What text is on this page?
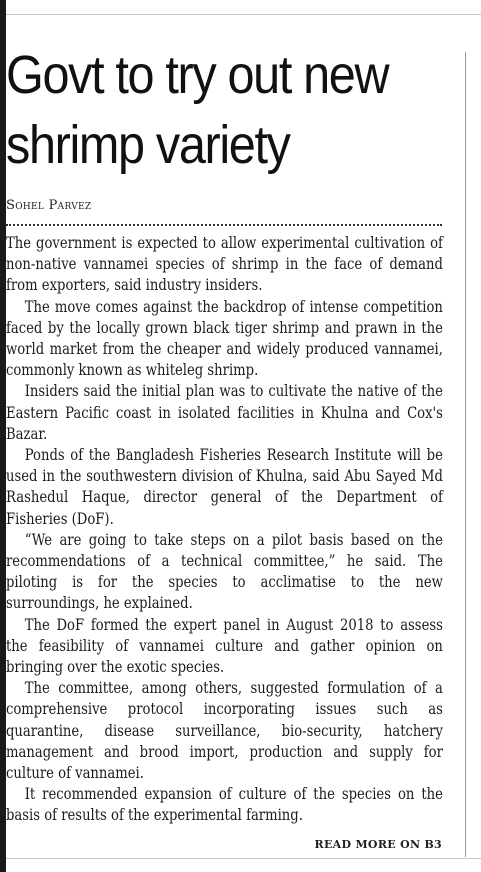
Govt to try out new
shrimp variety
Sohel Parvez

The government is expected to allow experimental cultivation of non-native vannamei species of shrimp in the face of demand from exporters, said industry insiders.

The move comes against the backdrop of intense competition faced by the locally grown black tiger shrimp and prawn in the world market from the cheaper and widely produced vannamei, commonly known as whiteleg shrimp.

Insiders said the initial plan was to cultivate the native of the Eastern Pacific coast in isolated facilities in Khulna and Cox's Bazar.

Ponds of the Bangladesh Fisheries Research Institute will be used in the southwestern division of Khulna, said Abu Sayed Md Rashedul Haque, director general of the Department of Fisheries (DoF).

“We are going to take steps on a pilot basis based on the recommendations of a technical committee,” he said. The piloting is for the species to acclimatise to the new surroundings, he explained.

The DoF formed the expert panel in August 2018 to assess the feasibility of vannamei culture and gather opinion on bringing over the exotic species.

The committee, among others, suggested formulation of a comprehensive protocol incorporating issues such as quarantine, disease surveillance, bio-security, hatchery management and brood import, production and supply for culture of vannamei.

It recommended expansion of culture of the species on the basis of results of the experimental farming.

READ MORE ON B3
